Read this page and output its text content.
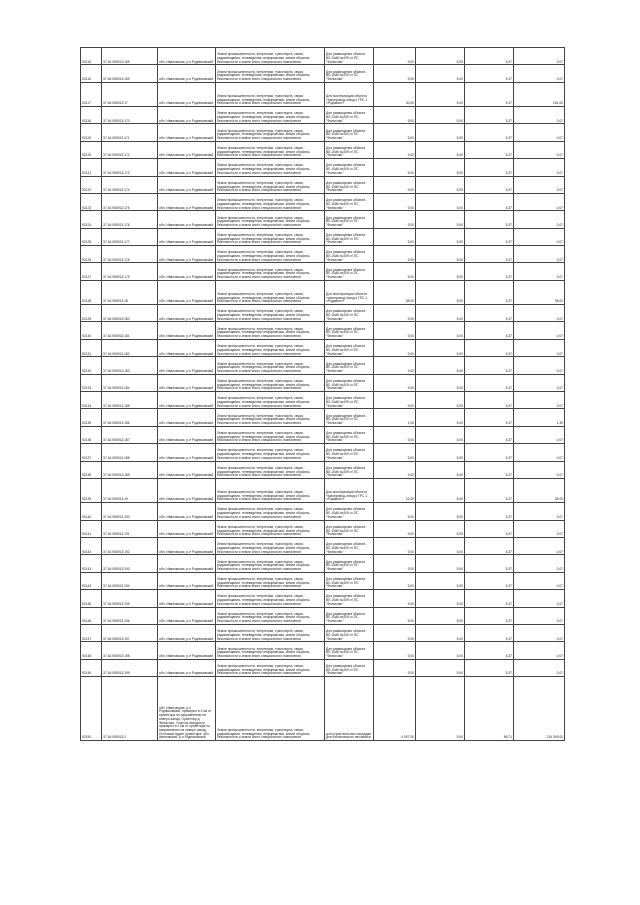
92115	37:16:050913:169	обл. Ивановская, р-н Родниковский	Земли промышленности, энергетики, транспорта, связи, радиовещания, телевидения, информатики, земли обороны, безопасности и земли иного специального назначения	Для размещения объекта ВЛ-10кВ №409 от ПС "Филисово"	9,00	5,00	5,37	0,07
92116	37:16:050913:169	обл. Ивановская, р-н Родниковский	Земли промышленности, энергетики, транспорта, связи, радиовещания, телевидения, информатики, земли обороны, безопасности и земли иного специального назначения	Для размещения объекта ВЛ-10кВ №409 от ПС "Филисово"	9,00	5,00	5,37	0,07
92117	37:16:050913:17	обл. Ивановская, р-н Родниковский	Земли промышленности, энергетики, транспорта, связи, радиовещания, телевидения, информатики, земли обороны, безопасности и земли иного специального назначения	Для эксплуатации объекта «газопровод-отвод к ГРС-1 «Родники»»	30,00	5,00	5,37	161,00
92118	37:16:050913:170	обл. Ивановская, р-н Родниковский	Земли промышленности, энергетики, транспорта, связи, радиовещания, телевидения, информатики, земли обороны, безопасности и земли иного специального назначения	Для размещения объекта ВЛ-10кВ №409 от ПС "Филисово"	9,00	5,00	5,37	0,07
92119	37:16:050913:171	обл. Ивановская, р-н Родниковский	Земли промышленности, энергетики, транспорта, связи, радиовещания, телевидения, информатики, земли обороны, безопасности и земли иного специального назначения	Для размещения объекта ВЛ-10кВ №409 от ПС "Филисово"	9,00	5,00	5,37	0,07
92120	37:16:050913:172	обл. Ивановская, р-н Родниковский	Земли промышленности, энергетики, транспорта, связи, радиовещания, телевидения, информатики, земли обороны, безопасности и земли иного специального назначения	Для размещения объекта ВЛ-10кВ №409 от ПС "Филисово"	9,00	5,00	5,37	0,07
92121	37:16:050913:173	обл. Ивановская, р-н Родниковский	Земли промышленности, энергетики, транспорта, связи, радиовещания, телевидения, информатики, земли обороны, безопасности и земли иного специального назначения	Для размещения объекта ВЛ-10кВ №409 от ПС "Филисово"	9,00	5,00	5,37	0,07
92122	37:16:050913:174	обл. Ивановская, р-н Родниковский	Земли промышленности, энергетики, транспорта, связи, радиовещания, телевидения, информатики, земли обороны, безопасности и земли иного специального назначения	Для размещения объекта ВЛ-10кВ №409 от ПС "Филисово"	9,00	5,00	5,37	0,07
92123	37:16:050913:175	обл. Ивановская, р-н Родниковский	Земли промышленности, энергетики, транспорта, связи, радиовещания, телевидения, информатики, земли обороны, безопасности и земли иного специального назначения	Для размещения объекта ВЛ-10кВ №409 от ПС "Филисово"	9,00	5,00	5,37	0,07
92124	37:16:050913:176	обл. Ивановская, р-н Родниковский	Земли промышленности, энергетики, транспорта, связи, радиовещания, телевидения, информатики, земли обороны, безопасности и земли иного специального назначения	Для размещения объекта ВЛ-10кВ №409 от ПС "Филисово"	9,00	5,00	5,37	0,07
92125	37:16:050913:177	обл. Ивановская, р-н Родниковский	Земли промышленности, энергетики, транспорта, связи, радиовещания, телевидения, информатики, земли обороны, безопасности и земли иного специального назначения	Для размещения объекта ВЛ-10кВ №409 от ПС "Филисово"	9,00	5,00	5,37	0,07
92126	37:16:050913:178	обл. Ивановская, р-н Родниковский	Земли промышленности, энергетики, транспорта, связи, радиовещания, телевидения, информатики, земли обороны, безопасности и земли иного специального назначения	Для размещения объекта ВЛ-10кВ №409 от ПС "Филисово"	9,00	5,00	5,37	0,07
92127	37:16:050913:179	обл. Ивановская, р-н Родниковский	Земли промышленности, энергетики, транспорта, связи, радиовещания, телевидения, информатики, земли обороны, безопасности и земли иного специального назначения	Для размещения объекта ВЛ-10кВ №409 от ПС "Филисово"	9,00	5,00	5,37	0,07
92128	37:16:050913:18	обл. Ивановская, р-н Родниковский	Земли промышленности, энергетики, транспорта, связи, радиовещания, телевидения, информатики, земли обороны, безопасности и земли иного специального назначения	Для эксплуатации объекта «газопровод-отвод к ГРС-1 «Родники»»	38,00	5,00	5,37	38,00
92129	37:16:050913:180	обл. Ивановская, р-н Родниковский	Земли промышленности, энергетики, транспорта, связи, радиовещания, телевидения, информатики, земли обороны, безопасности и земли иного специального назначения	Для размещения объекта ВЛ-10кВ №409 от ПС "Филисово"	9,00	5,00	5,37	0,07
92130	37:16:050913:181	обл. Ивановская, р-н Родниковский	Земли промышленности, энергетики, транспорта, связи, радиовещания, телевидения, информатики, земли обороны, безопасности и земли иного специального назначения	Для размещения объекта ВЛ-10кВ №409 от ПС "Филисово"	9,00	5,00	5,37	0,07
92131	37:16:050913:182	обл. Ивановская, р-н Родниковский	Земли промышленности, энергетики, транспорта, связи, радиовещания, телевидения, информатики, земли обороны, безопасности и земли иного специального назначения	Для размещения объекта ВЛ-10кВ №409 от ПС "Филисово"	9,00	5,00	5,37	0,07
92132	37:16:050913:183	обл. Ивановская, р-н Родниковский	Земли промышленности, энергетики, транспорта, связи, радиовещания, телевидения, информатики, земли обороны, безопасности и земли иного специального назначения	Для размещения объекта ВЛ-10кВ №409 от ПС "Филисово"	9,00	5,00	5,37	0,07
92133	37:16:050913:184	обл. Ивановская, р-н Родниковский	Земли промышленности, энергетики, транспорта, связи, радиовещания, телевидения, информатики, земли обороны, безопасности и земли иного специального назначения	Для размещения объекта ВЛ-10кВ №409 от ПС "Филисово"	9,00	5,00	5,37	0,07
92134	37:16:050913:185	обл. Ивановская, р-н Родниковский	Земли промышленности, энергетики, транспорта, связи, радиовещания, телевидения, информатики, земли обороны, безопасности и земли иного специального назначения	Для размещения объекта ВЛ-10кВ №409 от ПС "Филисово"	9,00	5,00	5,37	0,07
92135	37:16:050913:186	обл. Ивановская, р-н Родниковский	Земли промышленности, энергетики, транспорта, связи, радиовещания, телевидения, информатики, земли обороны, безопасности и земли иного специального назначения	Для размещения объекта ВЛ-10кВ №409 от ПС "Филисово"	1,00	5,00	5,37	1,30
92136	37:16:050913:187	обл. Ивановская, р-н Родниковский	Земли промышленности, энергетики, транспорта, связи, радиовещания, телевидения, информатики, земли обороны, безопасности и земли иного специального назначения	Для размещения объекта ВЛ-10кВ №409 от ПС "Филисово"	9,00	5,00	5,37	0,07
92137	37:16:050913:188	обл. Ивановская, р-н Родниковский	Земли промышленности, энергетики, транспорта, связи, радиовещания, телевидения, информатики, земли обороны, безопасности и земли иного специального назначения	Для размещения объекта ВЛ-10кВ №409 от ПС "Филисово"	9,00	5,00	5,37	0,07
92138	37:16:050913:189	обл. Ивановская, р-н Родниковский	Земли промышленности, энергетики, транспорта, связи, радиовещания, телевидения, информатики, земли обороны, безопасности и земли иного специального назначения	Для размещения объекта ВЛ-10кВ №409 от ПС "Филисово"	9,00	5,00	5,37	0,07
92139	37:16:050913:19	обл. Ивановская, р-н Родниковский	Земли промышленности, энергетики, транспорта, связи, радиовещания, телевидения, информатики, земли обороны, безопасности и земли иного специального назначения	Для эксплуатации объекта «газопровод-отвод к ГРС-1 «Родники»»	22,00	5,00	5,37	28,00
92140	37:16:050913:190	обл. Ивановская, р-н Родниковский	Земли промышленности, энергетики, транспорта, связи, радиовещания, телевидения, информатики, земли обороны, безопасности и земли иного специального назначения	Для размещения объекта ВЛ-10кВ №409 от ПС "Филисово"	9,00	5,00	5,37	0,07
92141	37:16:050913:191	обл. Ивановская, р-н Родниковский	Земли промышленности, энергетики, транспорта, связи, радиовещания, телевидения, информатики, земли обороны, безопасности и земли иного специального назначения	Для размещения объекта ВЛ-10кВ №409 от ПС "Филисово"	9,00	5,00	5,37	0,07
92142	37:16:050913:192	обл. Ивановская, р-н Родниковский	Земли промышленности, энергетики, транспорта, связи, радиовещания, телевидения, информатики, земли обороны, безопасности и земли иного специального назначения	Для размещения объекта ВЛ-10кВ №409 от ПС "Филисово"	9,00	5,00	5,37	0,07
92143	37:16:050913:193	обл. Ивановская, р-н Родниковский	Земли промышленности, энергетики, транспорта, связи, радиовещания, телевидения, информатики, земли обороны, безопасности и земли иного специального назначения	Для размещения объекта ВЛ-10кВ №409 от ПС "Филисово"	9,00	5,00	5,37	0,07
92144	37:16:050913:194	обл. Ивановская, р-н Родниковский	Земли промышленности, энергетики, транспорта, связи, радиовещания, телевидения, информатики, земли обороны, безопасности и земли иного специального назначения	Для размещения объекта ВЛ-10кВ №409 от ПС "Филисово"	9,00	5,00	5,37	0,07
92145	37:16:050913:195	обл. Ивановская, р-н Родниковский	Земли промышленности, энергетики, транспорта, связи, радиовещания, телевидения, информатики, земли обороны, безопасности и земли иного специального назначения	Для размещения объекта ВЛ-10кВ №409 от ПС "Филисово"	9,00	5,00	5,37	0,07
92146	37:16:050913:196	обл. Ивановская, р-н Родниковский	Земли промышленности, энергетики, транспорта, связи, радиовещания, телевидения, информатики, земли обороны, безопасности и земли иного специального назначения	Для размещения объекта ВЛ-10кВ №409 от ПС "Филисово"	9,00	5,00	5,37	0,07
92147	37:16:050913:197	обл. Ивановская, р-н Родниковский	Земли промышленности, энергетики, транспорта, связи, радиовещания, телевидения, информатики, земли обороны, безопасности и земли иного специального назначения	Для размещения объекта ВЛ-10кВ №409 от ПС "Филисово"	9,00	5,00	5,37	0,07
92148	37:16:050913:198	обл. Ивановская, р-н Родниковский	Земли промышленности, энергетики, транспорта, связи, радиовещания, телевидения, информатики, земли обороны, безопасности и земли иного специального назначения	Для размещения объекта ВЛ-10кВ №409 от ПС "Филисово"	9,00	5,00	5,37	0,07
92149	37:16:050913:199	обл. Ивановская, р-н Родниковский	Земли промышленности, энергетики, транспорта, связи, радиовещания, телевидения, информатики, земли обороны, безопасности и земли иного специального назначения	Для размещения объекта ВЛ-10кВ №409 от ПС "Филисово"	9,00	5,00	5,37	0,07
92150	37:16:050913:2	обл. Ивановская, р-н Родниковский, примерно в 2 км от ориентира по направлению на северо-запад. Ориентир д. Филисово. Участок находится примерно в 2 км от ориентира по направлению на северо-запад. Почтовый адрес ориентира: обл. Ивановская, р-н Родниковский	Земли промышленности, энергетики, транспорта, связи, радиовещания, телевидения, информатики, земли обороны, безопасности и земли иного специального назначения	для строительства площадки для Филисовского песчаника	4 097,00	5,00	56,71	216 349,00
